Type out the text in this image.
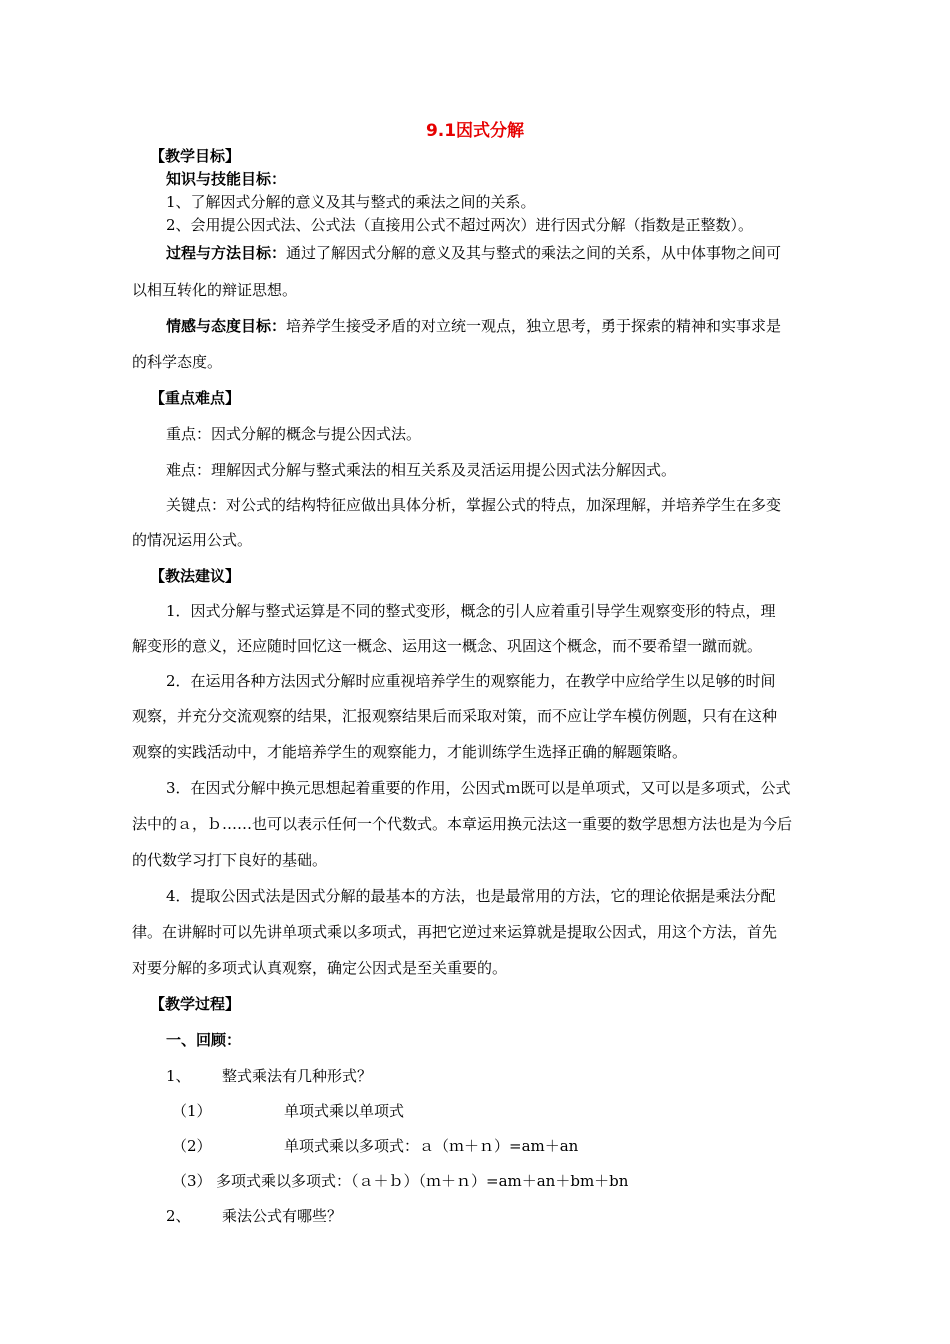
9.1因式分解

【教学目标】

知识与技能目标：

1、了解因式分解的意义及其与整式的乘法之间的关系。

2、会用提公因式法、公式法（直接用公式不超过两次）进行因式分解（指数是正整数）。

过程与方法目标：通过了解因式分解的意义及其与整式的乘法之间的关系，从中体事物之间可

以相互转化的辩证思想。

情感与态度目标：培养学生接受矛盾的对立统一观点，独立思考，勇于探索的精神和实事求是

的科学态度。

【重点难点】

重点：因式分解的概念与提公因式法。

难点：理解因式分解与整式乘法的相互关系及灵活运用提公因式法分解因式。

关键点：对公式的结构特征应做出具体分析，掌握公式的特点，加深理解，并培养学生在多变

的情况运用公式。

【教法建议】

1．因式分解与整式运算是不同的整式变形，概念的引人应着重引导学生观察变形的特点，理

解变形的意义，还应随时回忆这一概念、运用这一概念、巩固这个概念，而不要希望一蹴而就。

2．在运用各种方法因式分解时应重视培养学生的观察能力，在教学中应给学生以足够的时间

观察，并充分交流观察的结果，汇报观察结果后而采取对策，而不应让学车模仿例题，只有在这种

观察的实践活动中，才能培养学生的观察能力，才能训练学生选择正确的解题策略。

3．在因式分解中换元思想起着重要的作用，公因式ｍ既可以是单项式，又可以是多项式，公式

法中的ａ，ｂ……也可以表示任何一个代数式。本章运用换元法这一重要的数学思想方法也是为今后

的代数学习打下良好的基础。

4．提取公因式法是因式分解的最基本的方法，也是最常用的方法，它的理论依据是乘法分配

律。在讲解时可以先讲单项式乘以多项式，再把它逆过来运算就是提取公因式，用这个方法，首先

对要分解的多项式认真观察，确定公因式是至关重要的。

【教学过程】

一、回顾：

1、 整式乘法有几种形式？

（1）	单项式乘以单项式

（2）	单项式乘以多项式：ａ（ｍ＋ｎ）=am＋an

（3） 多项式乘以多项式：（ａ＋ｂ）（ｍ＋ｎ）=am＋an＋bm＋bn

2、 乘法公式有哪些？
